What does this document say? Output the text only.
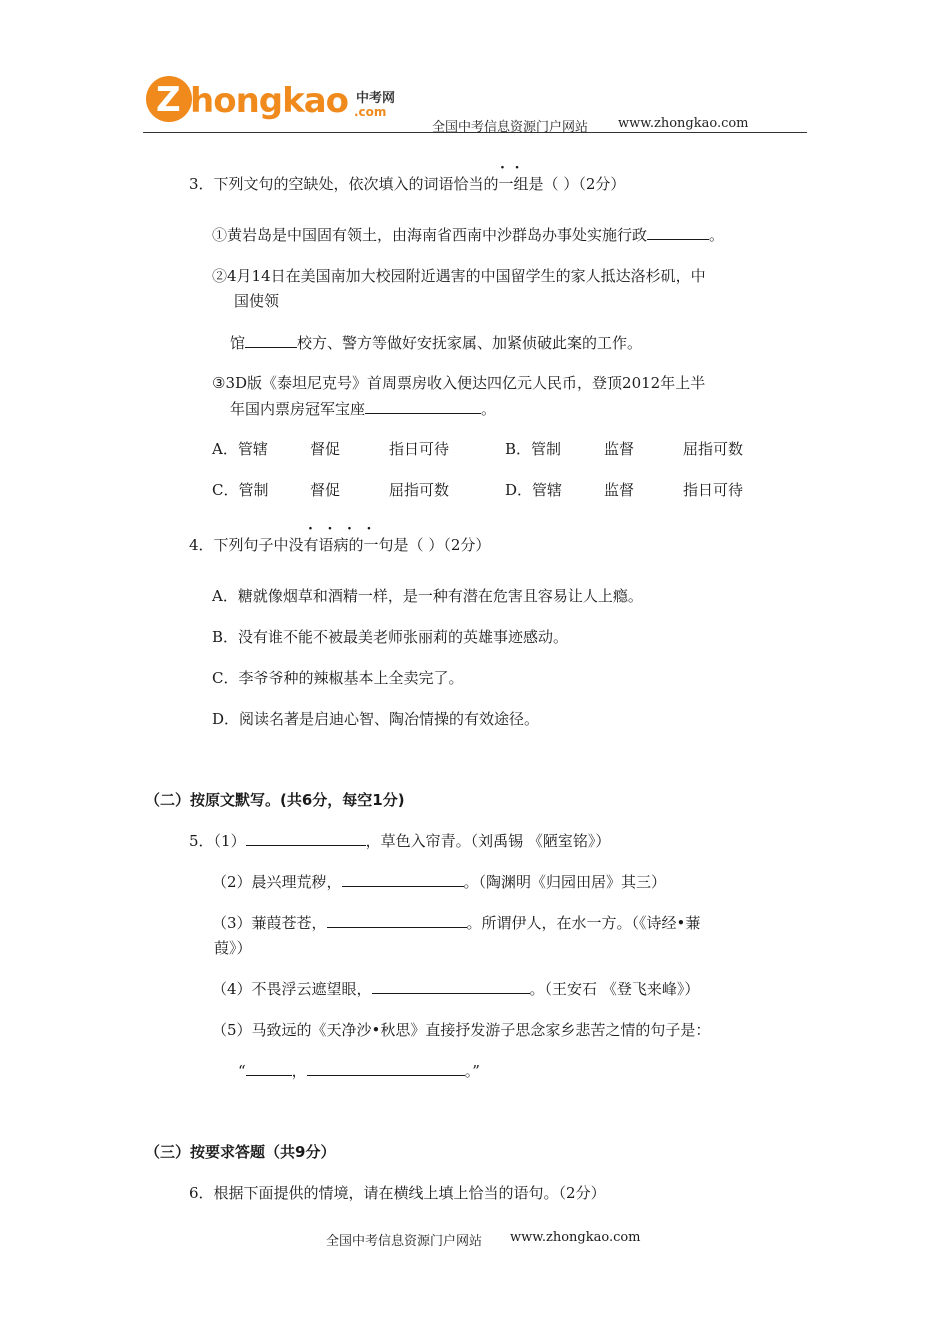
Z hongkao 中考网
.com
全国中考信息资源门户网站 www.zhongkao.com
·  ·
3．下列文句的空缺处，依次填入的词语恰当的一组是（ ）（2分）
①黄岩岛是中国固有领土，由海南省西南中沙群岛办事处实施行政	。
②4月14日在美国南加大校园附近遇害的中国留学生的家人抵达洛杉矶，中
国使领
馆	校方、警方等做好安抚家属、加紧侦破此案的工作。
③3D版《泰坦尼克号》首周票房收入便达四亿元人民币，登顶2012年上半
年国内票房冠军宝座	。
A．管辖	督促	指日可待	B．管制	监督	屈指可数
C．管制	督促	屈指可数	D．管辖	监督	指日可待
·   ·   ·   ·
4．下列句子中没有语病的一句是（ ）（2分）
A．糖就像烟草和酒精一样，是一种有潜在危害且容易让人上瘾。
B．没有谁不能不被最美老师张丽莉的英雄事迹感动。
C．李爷爷种的辣椒基本上全卖完了。
D．阅读名著是启迪心智、陶冶情操的有效途径。
（二）按原文默写。(共6分，每空1分)
5．（1）	，草色入帘青。（刘禹锡 《陋室铭》）
（2）晨兴理荒秽，	。（陶渊明《归园田居》其三）
（3）蒹葭苍苍，	。所谓伊人，在水一方。（《诗经•蒹
葭》）
（4）不畏浮云遮望眼，	。（王安石 《登飞来峰》）
（5）马致远的《天净沙•秋思》直接抒发游子思念家乡悲苦之情的句子是：
“	，	。”
（三）按要求答题（共9分）
6．根据下面提供的情境，请在横线上填上恰当的语句。（2分）
全国中考信息资源门户网站 www.zhongkao.com
